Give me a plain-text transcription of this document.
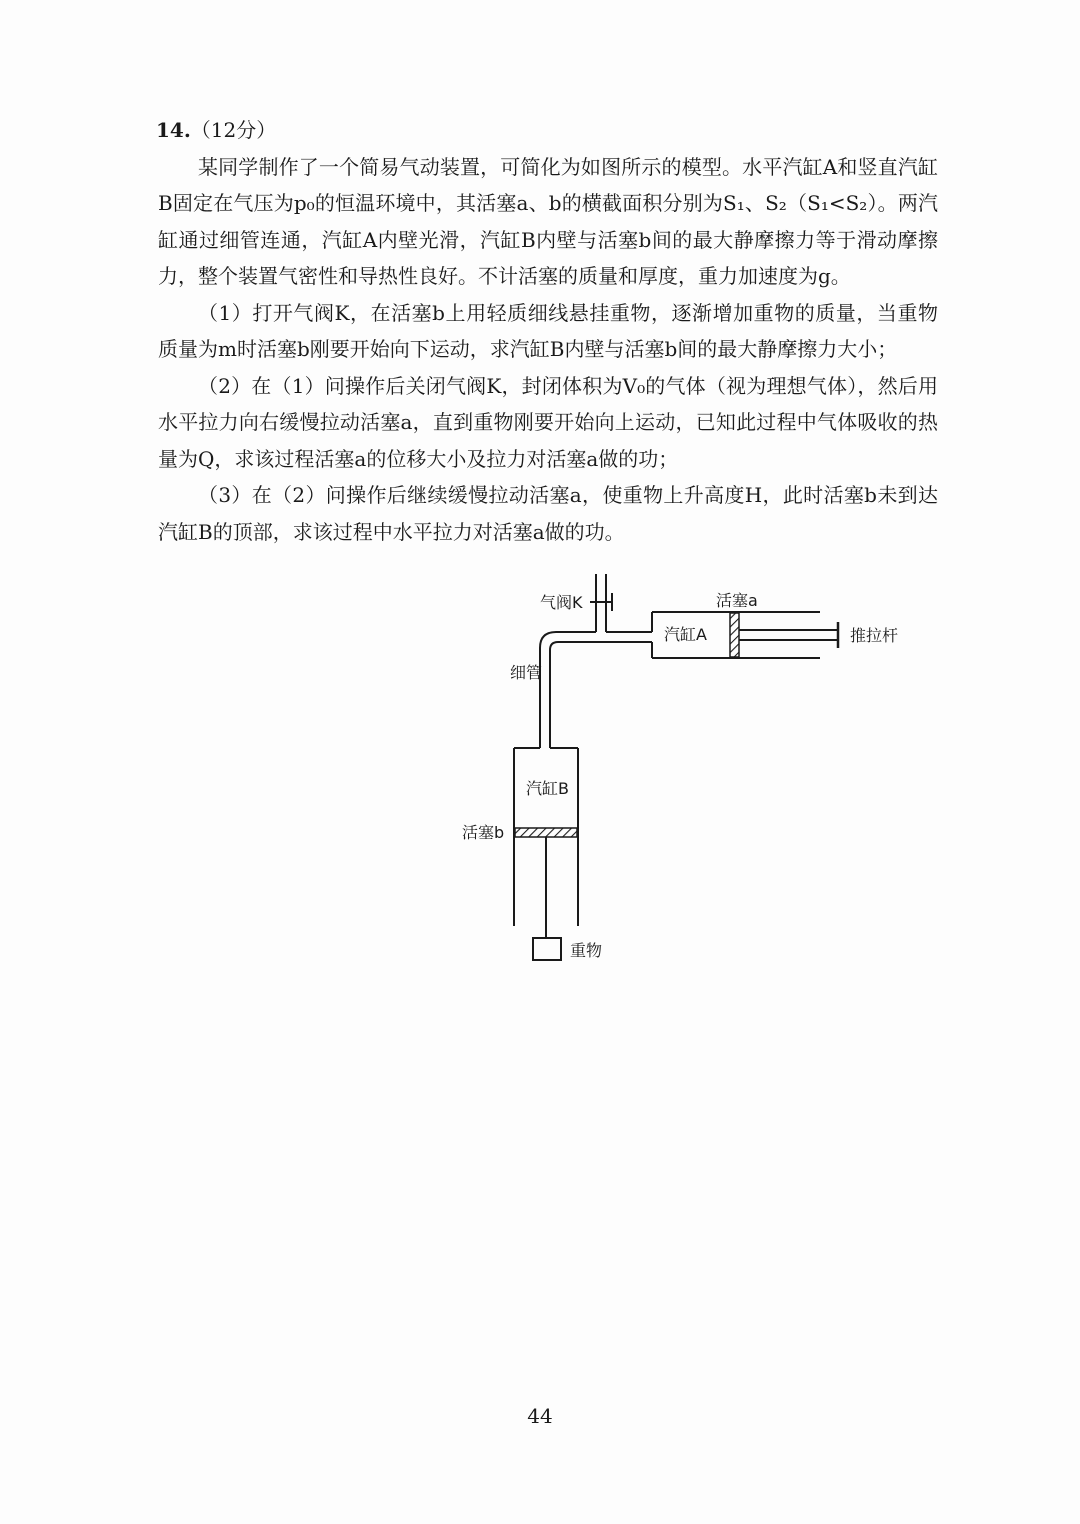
14.（12分）

某同学制作了一个简易气动装置，可简化为如图所示的模型。水平汽缸A和竖直汽缸B固定在气压为p₀的恒温环境中，其活塞a、b的横截面积分别为S₁、S₂（S₁<S₂）。两汽缸通过细管连通，汽缸A内壁光滑，汽缸B内壁与活塞b间的最大静摩擦力等于滑动摩擦力，整个装置气密性和导热性良好。不计活塞的质量和厚度，重力加速度为g。

（1）打开气阀K，在活塞b上用轻质细线悬挂重物，逐渐增加重物的质量，当重物质量为m时活塞b刚要开始向下运动，求汽缸B内壁与活塞b间的最大静摩擦力大小；

（2）在（1）问操作后关闭气阀K，封闭体积为V₀的气体（视为理想气体），然后用水平拉力向右缓慢拉动活塞a，直到重物刚要开始向上运动，已知此过程中气体吸收的热量为Q，求该过程活塞a的位移大小及拉力对活塞a做的功；

（3）在（2）问操作后继续缓慢拉动活塞a，使重物上升高度H，此时活塞b未到达汽缸B的顶部，求该过程中水平拉力对活塞a做的功。

气阀K
细管
汽缸A
活塞a
推拉杆
汽缸B
活塞b
重物
44
